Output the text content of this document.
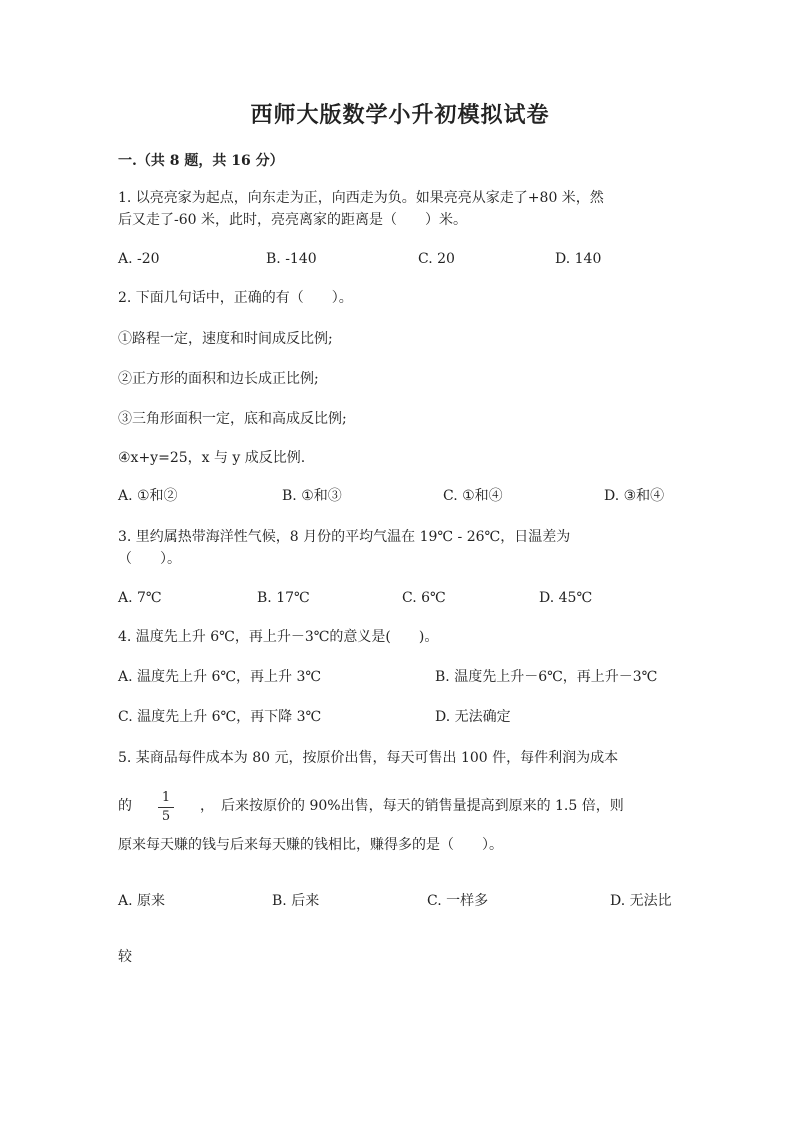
西师大版数学小升初模拟试卷
一.（共 8 题，共 16 分）
1. 以亮亮家为起点，向东走为正，向西走为负。如果亮亮从家走了+80 米，然
后又走了-60 米，此时，亮亮离家的距离是（　　）米。
A. -20	B. -140	C. 20	D. 140
2. 下面几句话中，正确的有（　　）。
①路程一定，速度和时间成反比例;
②正方形的面积和边长成正比例;
③三角形面积一定，底和高成反比例;
④x+y=25，x 与 y 成反比例.
A. ①和②	B. ①和③	C. ①和④	D. ③和④
3. 里约属热带海洋性气候，8 月份的平均气温在 19℃ - 26℃，日温差为
（　　）。
A. 7℃	B. 17℃	C. 6℃	D. 45℃
4. 温度先上升 6℃，再上升－3℃的意义是(　　)。
A. 温度先上升 6℃，再上升 3℃	B. 温度先上升－6℃，再上升－3℃
C. 温度先上升 6℃，再下降 3℃	D. 无法确定
5. 某商品每件成本为 80 元，按原价出售，每天可售出 100 件，每件利润为成本
的
1
5
，　后来按原价的 90%出售，每天的销售量提高到原来的 1.5 倍，则
原来每天赚的钱与后来每天赚的钱相比，赚得多的是（　　）。
A. 原来	B. 后来	C. 一样多	D. 无法比
较
